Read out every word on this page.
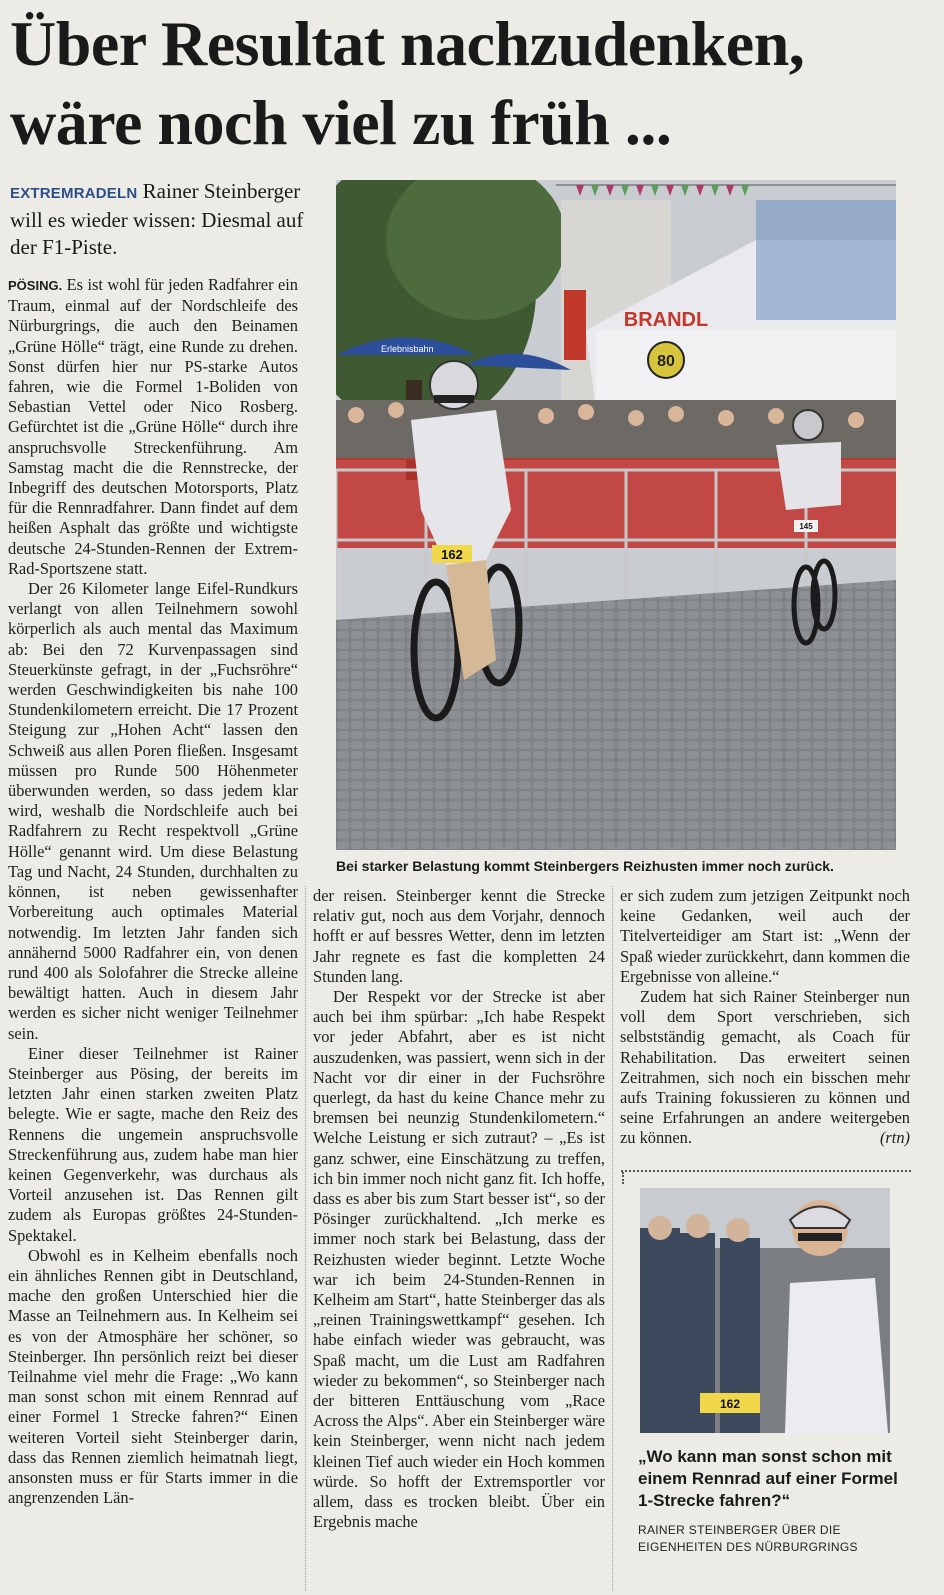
Über Resultat nachzudenken,
wäre noch viel zu früh ...
EXTREMRADELN Rainer Steinberger will es wieder wissen: Diesmal auf der F1-Piste.

PÖSING. Es ist wohl für jeden Radfahrer ein Traum, einmal auf der Nordschleife des Nürburgrings, die auch den Beinamen „Grüne Hölle“ trägt, eine Runde zu drehen. Sonst dürfen hier nur PS-starke Autos fahren, wie die Formel 1-Boliden von Sebastian Vettel oder Nico Rosberg. Gefürchtet ist die „Grüne Hölle“ durch ihre anspruchsvolle Streckenführung. Am Samstag macht die die Rennstrecke, der Inbegriff des deutschen Motorsports, Platz für die Rennradfahrer. Dann findet auf dem heißen Asphalt das größte und wichtigste deutsche 24-Stunden-Rennen der Extrem-Rad-Sportszene statt.

Der 26 Kilometer lange Eifel-Rundkurs verlangt von allen Teilnehmern sowohl körperlich als auch mental das Maximum ab: Bei den 72 Kurvenpassagen sind Steuerkünste gefragt, in der „Fuchsröhre“ werden Geschwindigkeiten bis nahe 100 Stundenkilometern erreicht. Die 17 Prozent Steigung zur „Hohen Acht“ lassen den Schweiß aus allen Poren fließen. Insgesamt müssen pro Runde 500 Höhenmeter überwunden werden, so dass jedem klar wird, weshalb die Nordschleife auch bei Radfahrern zu Recht respektvoll „Grüne Hölle“ genannt wird. Um diese Belastung Tag und Nacht, 24 Stunden, durchhalten zu können, ist neben gewissenhafter Vorbereitung auch optimales Material notwendig. Im letzten Jahr fanden sich annähernd 5000 Radfahrer ein, von denen rund 400 als Solofahrer die Strecke alleine bewältigt hatten. Auch in diesem Jahr werden es sicher nicht weniger Teilnehmer sein.

Einer dieser Teilnehmer ist Rainer Steinberger aus Pösing, der bereits im letzten Jahr einen starken zweiten Platz belegte. Wie er sagte, mache den Reiz des Rennens die ungemein anspruchsvolle Streckenführung aus, zudem habe man hier keinen Gegenverkehr, was durchaus als Vorteil anzusehen ist. Das Rennen gilt zudem als Europas größtes 24-Stunden-Spektakel.

Obwohl es in Kelheim ebenfalls noch ein ähnliches Rennen gibt in Deutschland, mache den großen Unterschied hier die Masse an Teilnehmern aus. In Kelheim sei es von der Atmosphäre her schöner, so Steinberger. Ihn persönlich reizt bei dieser Teilnahme viel mehr die Frage: „Wo kann man sonst schon mit einem Rennrad auf einer Formel 1 Strecke fahren?“ Einen weiteren Vorteil sieht Steinberger darin, dass das Rennen ziemlich heimatnah liegt, ansonsten muss er für Starts immer in die angrenzenden Län-

80
BRANDL
Erlebnisbahn
162
145
Bei starker Belastung kommt Steinbergers Reizhusten immer noch zurück.

der reisen. Steinberger kennt die Strecke relativ gut, noch aus dem Vorjahr, dennoch hofft er auf bessres Wetter, denn im letzten Jahr regnete es fast die kompletten 24 Stunden lang.

Der Respekt vor der Strecke ist aber auch bei ihm spürbar: „Ich habe Respekt vor jeder Abfahrt, aber es ist nicht auszudenken, was passiert, wenn sich in der Nacht vor dir einer in der Fuchsröhre querlegt, da hast du keine Chance mehr zu bremsen bei neunzig Stundenkilometern.“ Welche Leistung er sich zutraut? – „Es ist ganz schwer, eine Einschätzung zu treffen, ich bin immer noch nicht ganz fit. Ich hoffe, dass es aber bis zum Start besser ist“, so der Pösinger zurückhaltend. „Ich merke es immer noch stark bei Belastung, dass der Reizhusten wieder beginnt. Letzte Woche war ich beim 24-Stunden-Rennen in Kelheim am Start“, hatte Steinberger das als „reinen Trainingswettkampf“ gesehen. Ich habe einfach wieder was gebraucht, was Spaß macht, um die Lust am Radfahren wieder zu bekommen“, so Steinberger nach der bitteren Enttäuschung vom „Race Across the Alps“. Aber ein Steinberger wäre kein Steinberger, wenn nicht nach jedem kleinen Tief auch wieder ein Hoch kommen würde. So hofft der Extremsportler vor allem, dass es trocken bleibt. Über ein Ergebnis mache

er sich zudem zum jetzigen Zeitpunkt noch keine Gedanken, weil auch der Titelverteidiger am Start ist: „Wenn der Spaß wieder zurückkehrt, dann kommen die Ergebnisse von alleine.“

Zudem hat sich Rainer Steinberger nun voll dem Sport verschrieben, sich selbstständig gemacht, als Coach für Rehabilitation. Das erweitert seinen Zeitrahmen, sich noch ein bisschen mehr aufs Training fokussieren zu können und seine Erfahrungen an andere weitergeben zu können.	(rtn)

162
„Wo kann man sonst schon mit einem Rennrad auf einer Formel 1-Strecke fahren?“
RAINER STEINBERGER ÜBER DIE EIGENHEITEN DES NÜRBURGRINGS
